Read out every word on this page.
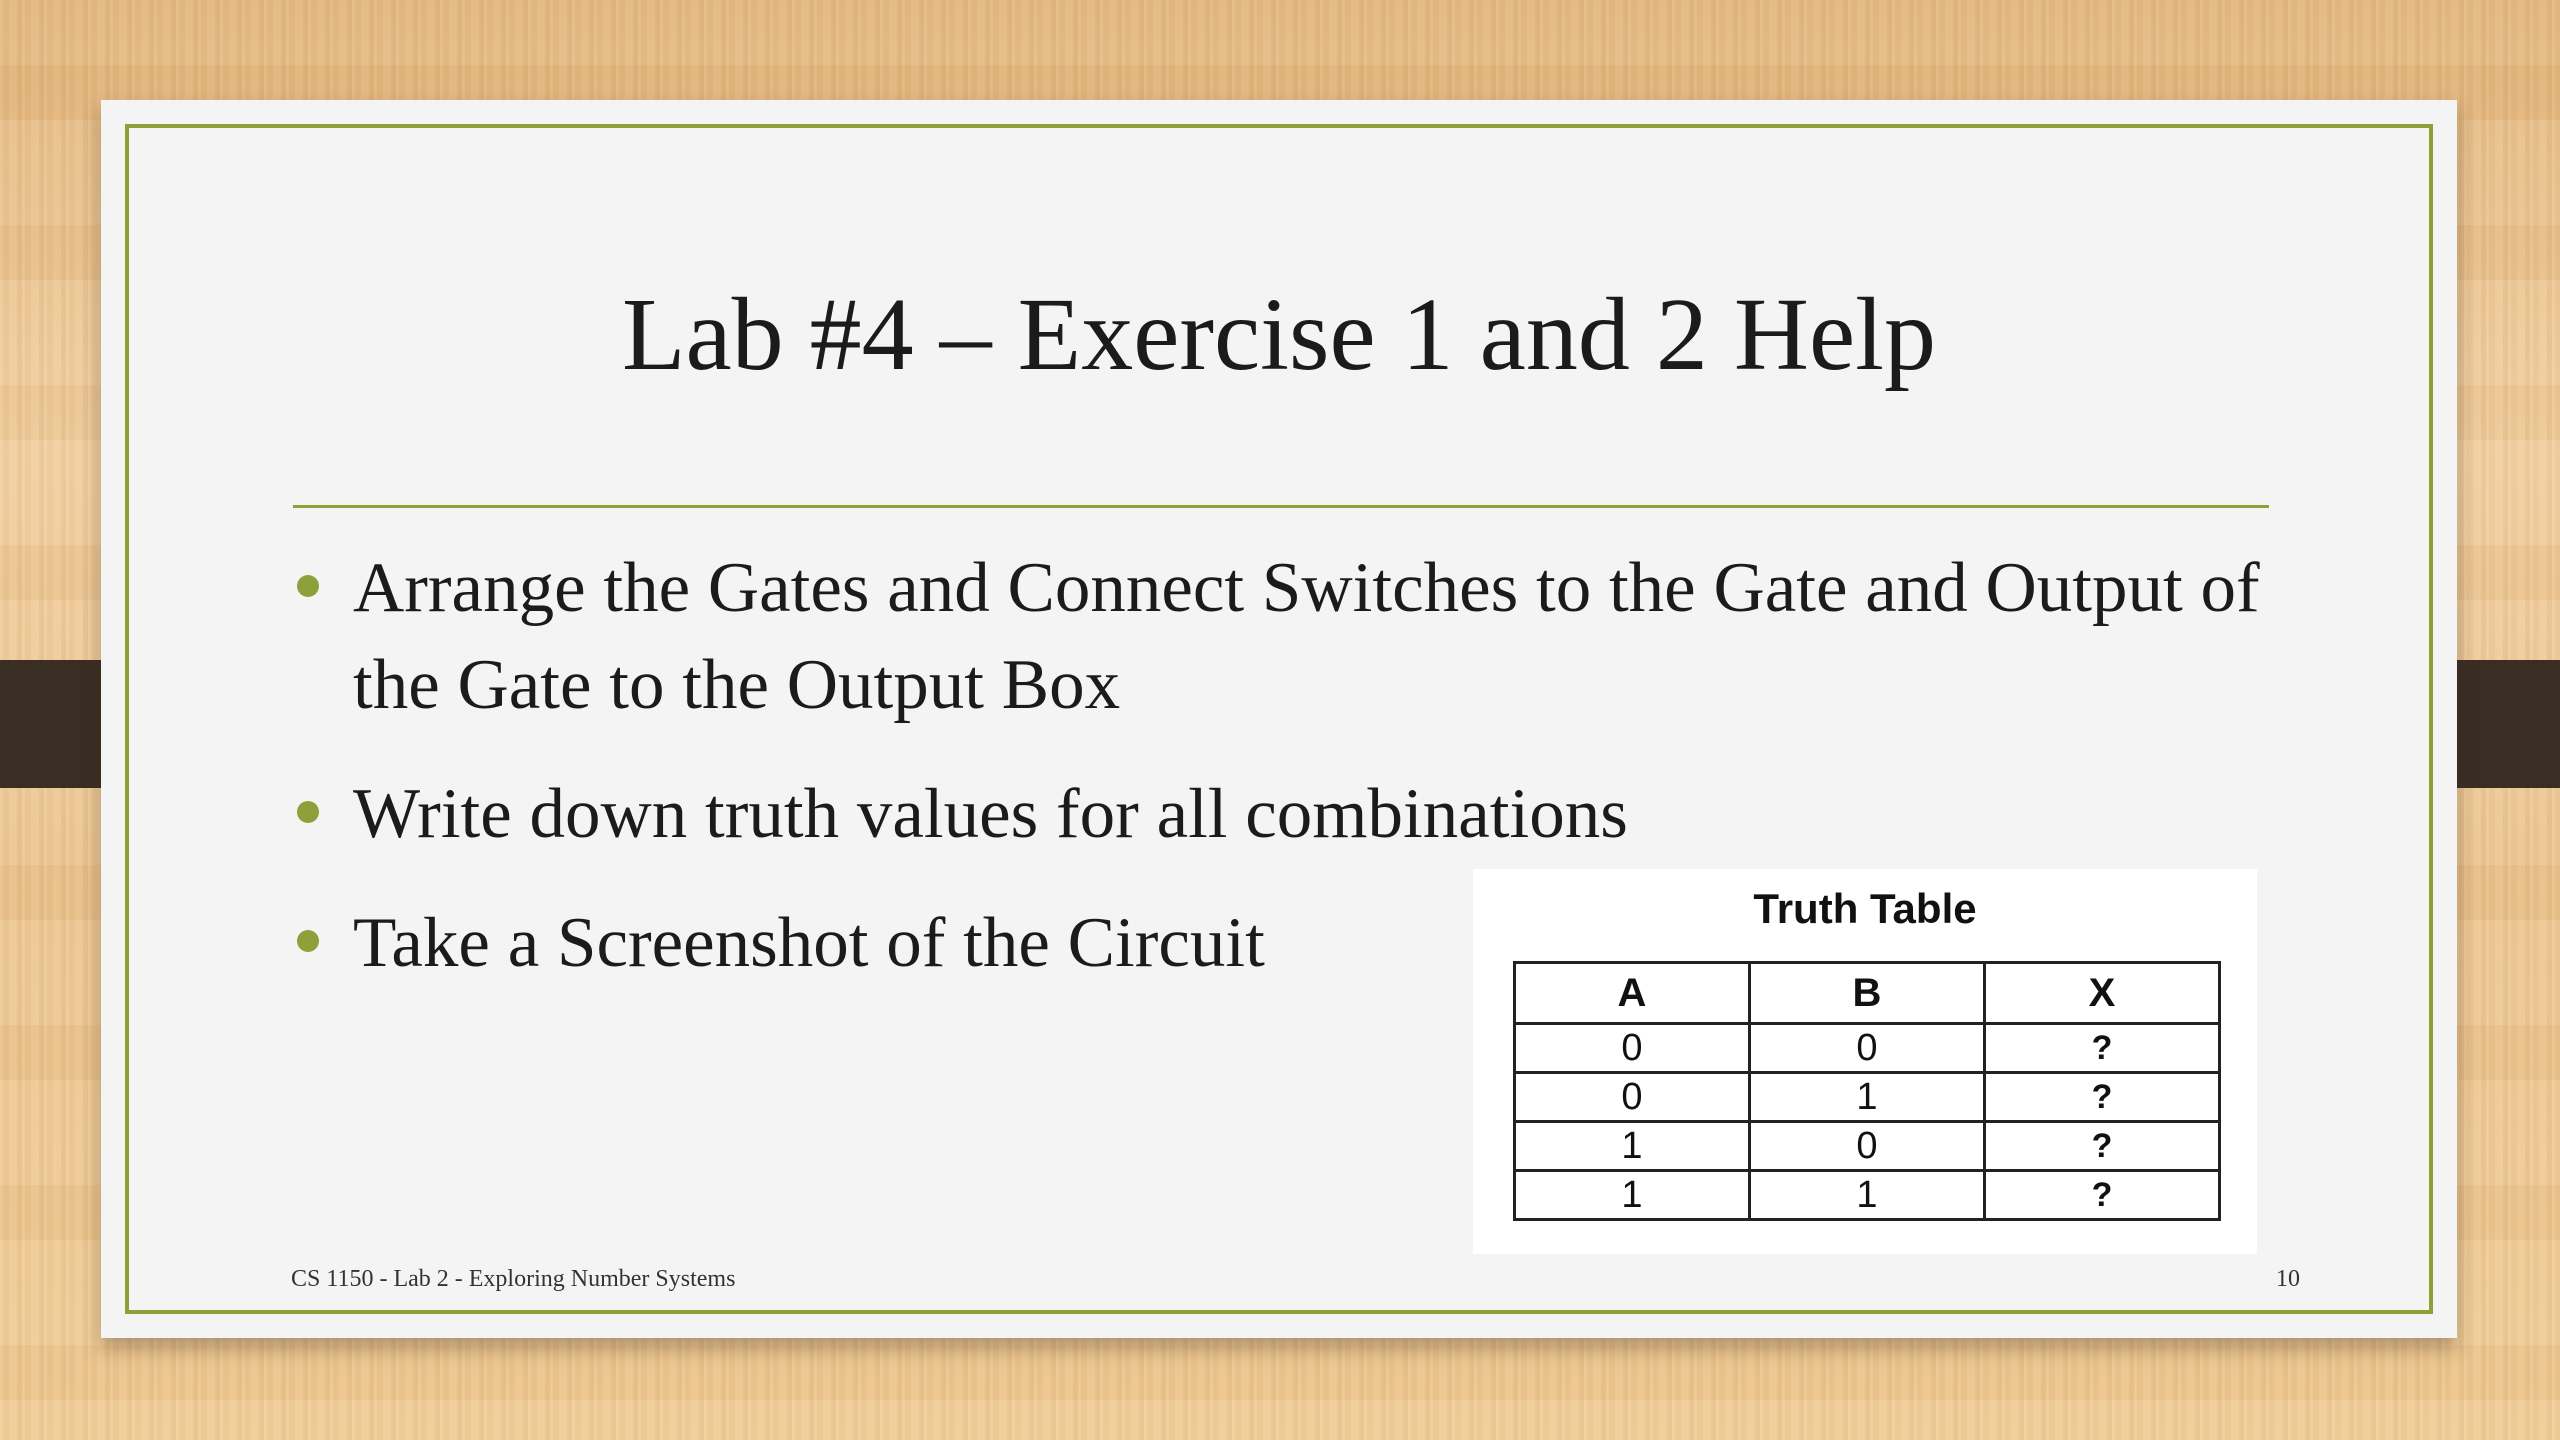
Lab #4 – Exercise 1 and 2 Help
Arrange the Gates and Connect Switches to the Gate and Output of the Gate to the Output Box
Write down truth values for all combinations
Take a Screenshot of the Circuit	Truth Table
A	B	X
0	0	?
0	1	?
1	0	?
1	1	?
CS 1150 - Lab 2 - Exploring Number Systems	10
